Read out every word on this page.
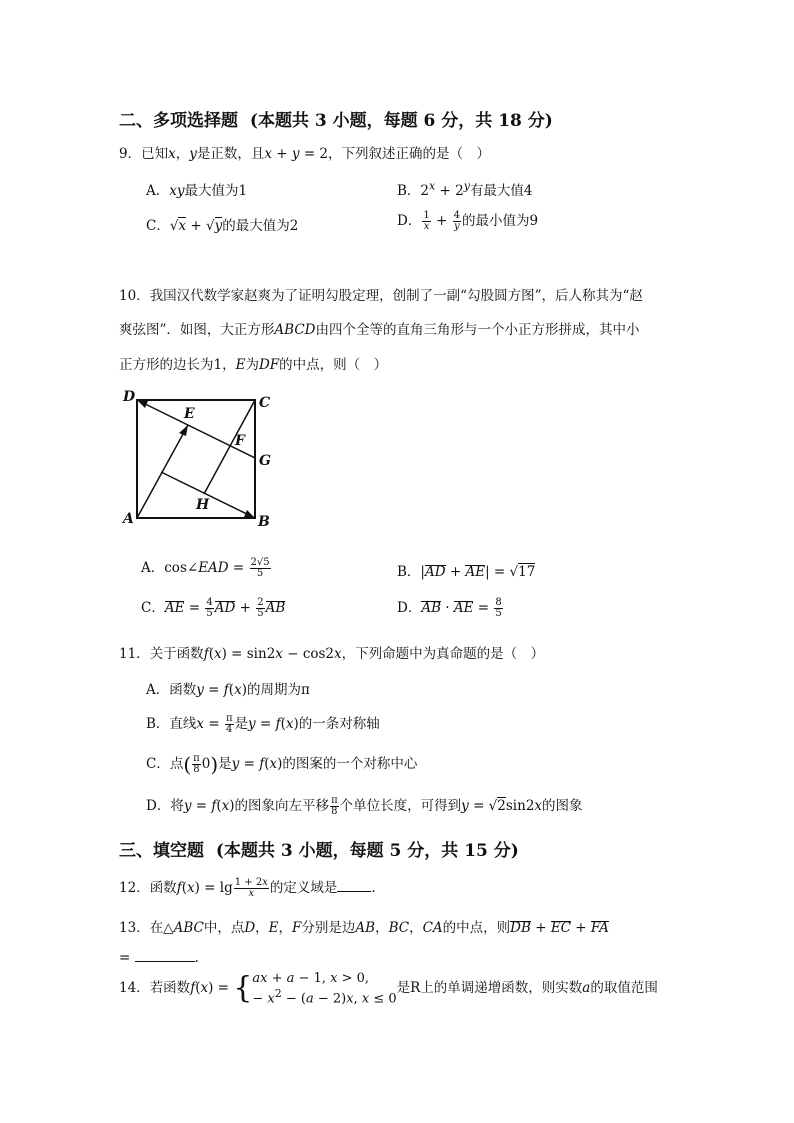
二、多项选择题 (本题共 3 小题，每题 6 分，共 18 分)
9．已知x，y是正数，且x + y = 2，下列叙述正确的是（　）
A．xy最大值为1	B．$2^x + 2^y$有最大值4
C．√x + √y的最大值为2	D． $\frac{1}{x} + \frac{4}{y}$ 的最小值为9
10．我国汉代数学家赵爽为了证明勾股定理，创制了一副“勾股圆方图”，后人称其为“赵
爽弦图”．如图，大正方形ABCD由四个全等的直角三角形与一个小正方形拼成，其中小
正方形的边长为1，E为DF的中点，则（　）
D	C
E
F
G
H
A	B
A．cos∠EAD = $\frac{2√5}{5}$	B．|AD + AE| = √17
C．AE = $\frac{4}{5}$ AD + $\frac{2}{5}$ AB	D．AB · AE = $\frac{8}{5}$
11．关于函数f(x) = sin2x − cos2x，下列命题中为真命题的是（　）
A．函数y = f(x)的周期为π
B．直线$x = \frac{\pi}{4}$ 是y = f(x)的一条对称轴
C．点( $\frac{\pi}{8} 0$)是y = f(x)的图案的一个对称中心
D．将y = f(x)的图象向左平移 $\frac{\pi}{8}$ 个单位长度，可得到y = √2sin2x的图象
三、填空题 (本题共 3 小题，每题 5 分，共 15 分)
12．函数$f(x) = \lg \frac{1 + 2x}{x}$ 的定义域是	.
13．在△ABC中，点D，E，F分别是边AB，BC，CA的中点，则DB + EC + FA
=	.
14．若函数f(x) = {ax + a − 1, x > 0,
− $x^2 - (a - 2)x$, x ≤ 0是R上的单调递增函数，则实数a的取值范围
